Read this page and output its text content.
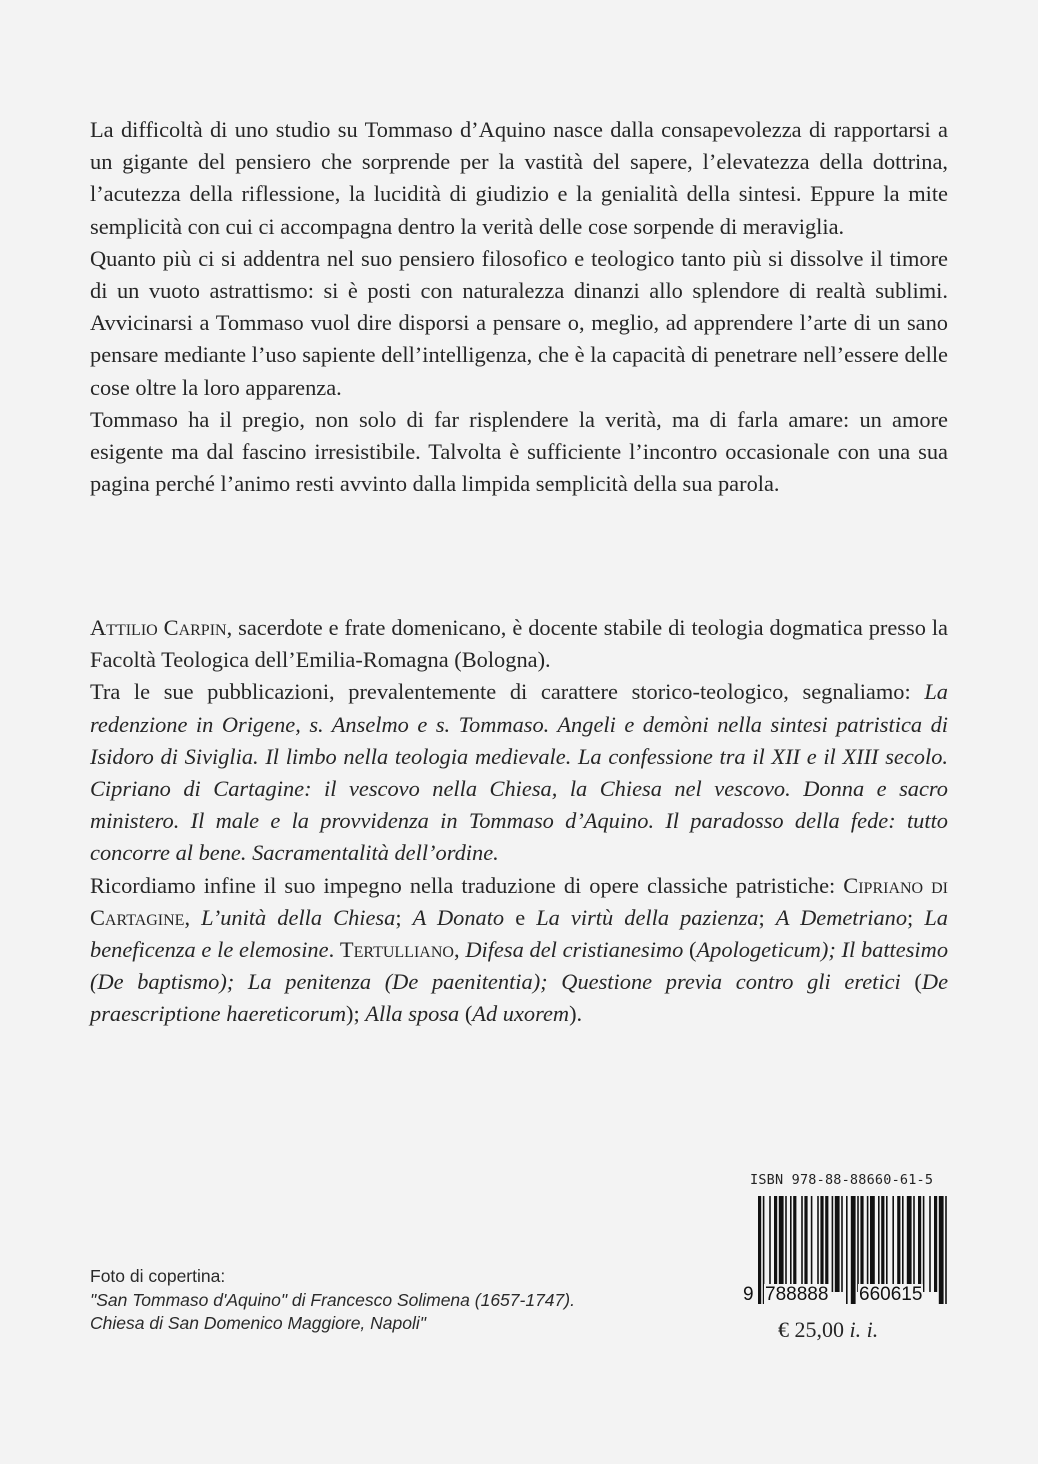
La difficoltà di uno studio su Tommaso d’Aquino nasce dalla consapevolezza di rapportarsi a un gigante del pensiero che sorprende per la vastità del sapere, l’elevatezza della dottrina, l’acutezza della riflessione, la lucidità di giudizio e la genialità della sintesi. Eppure la mite semplicità con cui ci accompagna dentro la verità delle cose sorpende di meraviglia.

Quanto più ci si addentra nel suo pensiero filosofico e teologico tanto più si dissolve il timore di un vuoto astrattismo: si è posti con naturalezza dinanzi allo splendore di realtà sublimi. Avvicinarsi a Tommaso vuol dire disporsi a pensare o, meglio, ad apprendere l’arte di un sano pensare mediante l’uso sapiente dell’intelligenza, che è la capacità di penetrare nell’essere delle cose oltre la loro apparenza.

Tommaso ha il pregio, non solo di far risplendere la verità, ma di farla amare: un amore esigente ma dal fascino irresistibile. Talvolta è sufficiente l’incontro occasionale con una sua pagina perché l’animo resti avvinto dalla limpida semplicità della sua parola.

Attilio Carpin, sacerdote e frate domenicano, è docente stabile di teologia dogmatica presso la Facoltà Teologica dell’Emilia-Romagna (Bologna).

Tra le sue pubblicazioni, prevalentemente di carattere storico-teologico, segnaliamo: La redenzione in Origene, s. Anselmo e s. Tommaso. Angeli e demòni nella sintesi patristica di Isidoro di Siviglia. Il limbo nella teologia medievale. La confessione tra il XII e il XIII secolo. Cipriano di Cartagine: il vescovo nella Chiesa, la Chiesa nel vescovo. Donna e sacro ministero. Il male e la provvidenza in Tommaso d’Aquino. Il paradosso della fede: tutto concorre al bene. Sacramentalità dell’ordine.

Ricordiamo infine il suo impegno nella traduzione di opere classiche patristiche: Cipriano di Cartagine, L’unità della Chiesa; A Donato e La virtù della pazienza; A Demetriano; La beneficenza e le elemosine. Tertulliano, Difesa del cristianesimo (Apologeticum); Il battesimo (De baptismo); La penitenza (De paenitentia); Questione previa contro gli eretici (De praescriptione haereticorum); Alla sposa (Ad uxorem).

ISBN 978-88-88660-61-5
9 788888 660615
€ 25,00 i. i.

Foto di copertina:

"San Tommaso d'Aquino" di Francesco Solimena (1657-1747).

Chiesa di San Domenico Maggiore, Napoli"
